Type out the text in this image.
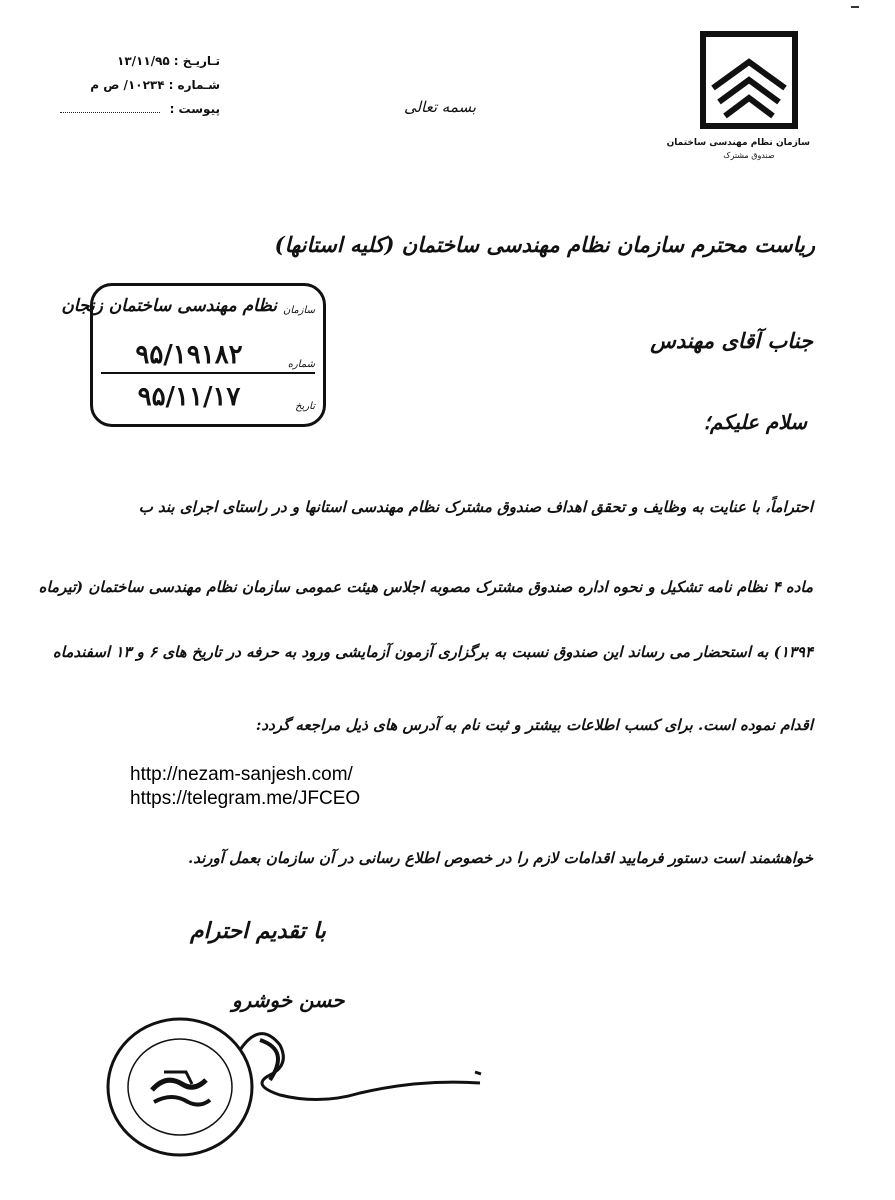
سازمان نظام مهندسی ساختمان
صندوق مشترک
بسمه تعالی
تـاریـخ :
۱۳/۱۱/۹۵
شـماره :
۱۰۲۳۴/ ص م
پیوست :
ریاست محترم سازمان نظام مهندسی ساختمان (کلیه استانها)
جناب آقای مهندس
سلام علیکم؛
سازمان
نظام مهندسی ساختمان زنجان
شماره
۹۵/۱۹۱۸۲
تاریخ
۹۵/۱۱/۱۷
احتراماً، با عنایت به وظایف و تحقق اهداف صندوق مشترک نظام مهندسی استانها و در راستای اجرای بند ب
ماده ۴ نظام نامه تشکیل و نحوه اداره صندوق مشترک مصوبه اجلاس هیئت عمومی سازمان نظام مهندسی ساختمان (تیرماه
۱۳۹۴) به استحضار می رساند این صندوق نسبت به برگزاری آزمون آزمایشی ورود به حرفه در تاریخ های ۶ و ۱۳ اسفندماه
اقدام نموده است. برای کسب اطلاعات بیشتر و ثبت نام به آدرس های ذیل مراجعه گردد:
http://nezam-sanjesh.com/
https://telegram.me/JFCEO
خواهشمند است دستور فرمایید اقدامات لازم را در خصوص اطلاع رسانی در آن سازمان بعمل آورند.
با تقدیم احترام
حسن خوشرو
